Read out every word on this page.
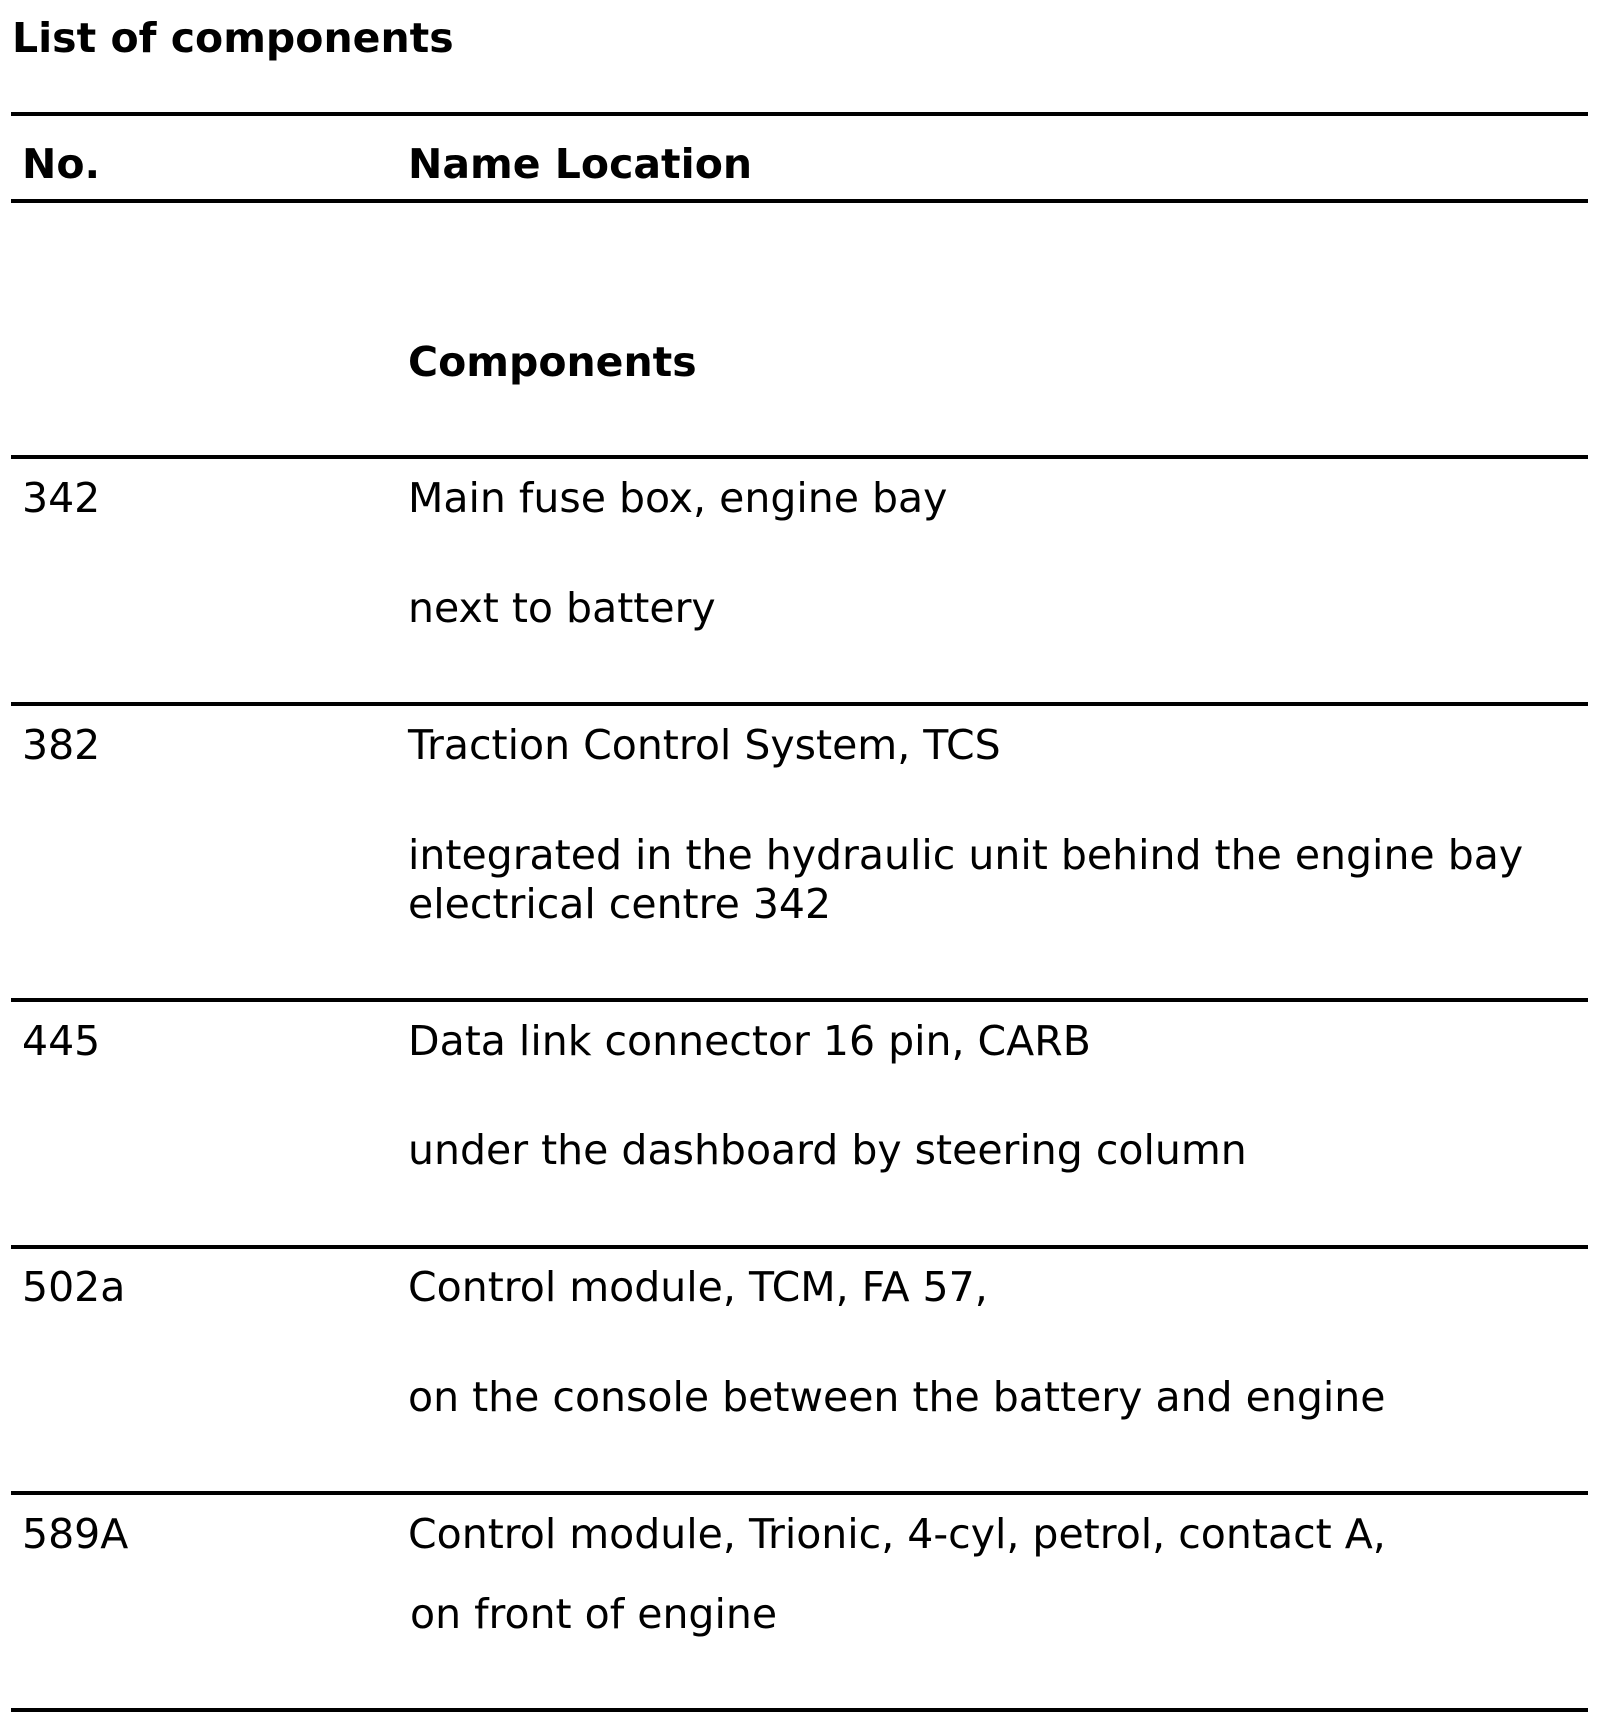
List of components
No.	Name Location
Components
342	Main fuse box, engine bay
next to battery
382	Traction Control System, TCS
integrated in the hydraulic unit behind the engine bay
electrical centre 342
445	Data link connector 16 pin, CARB
under the dashboard by steering column
502a	Control module, TCM, FA 57,
on the console between the battery and engine
589A	Control module, Trionic, 4-cyl, petrol, contact A,
on front of engine
